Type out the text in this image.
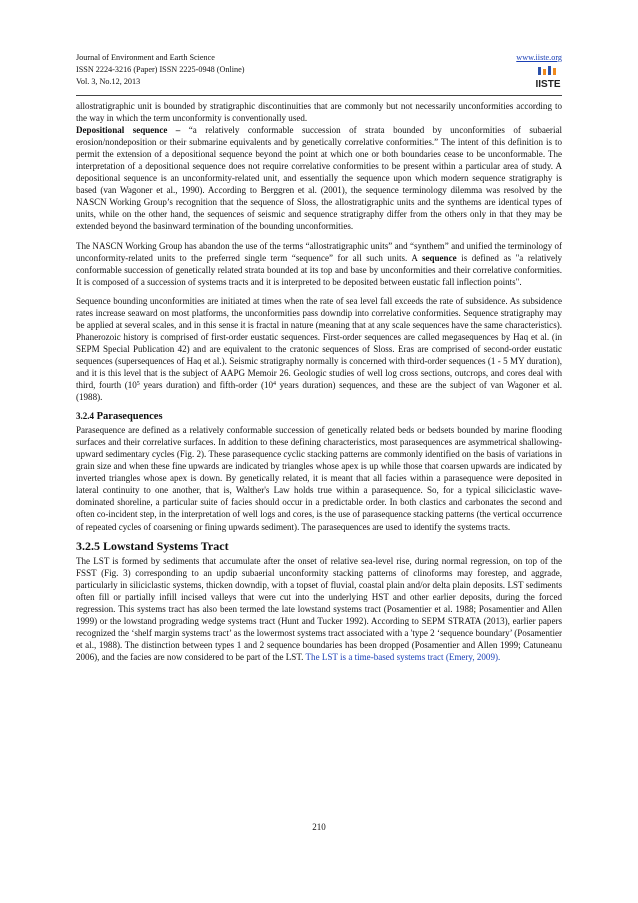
Journal of Environment and Earth Science
ISSN 2224-3216 (Paper) ISSN 2225-0948 (Online)
Vol. 3, No.12, 2013
www.iiste.org
IISTE

allostratigraphic unit is bounded by stratigraphic discontinuities that are commonly but not necessarily unconformities according to the way in which the term unconformity is conventionally used.
Depositional sequence – “a relatively conformable succession of strata bounded by unconformities of subaerial erosion/nondeposition or their submarine equivalents and by genetically correlative conformities.” The intent of this definition is to permit the extension of a depositional sequence beyond the point at which one or both boundaries cease to be unconformable. The interpretation of a depositional sequence does not require correlative conformities to be present within a particular area of study. A depositional sequence is an unconformity-related unit, and essentially the sequence upon which modern sequence stratigraphy is based (van Wagoner et al., 1990). According to Berggren et al. (2001), the sequence terminology dilemma was resolved by the NASCN Working Group’s recognition that the sequence of Sloss, the allostratigraphic units and the synthems are identical types of units, while on the other hand, the sequences of seismic and sequence stratigraphy differ from the others only in that they may be extended beyond the basinward termination of the bounding unconformities.

The NASCN Working Group has abandon the use of the terms “allostratigraphic units” and “synthem” and unified the terminology of unconformity-related units to the preferred single term “sequence” for all such units. A sequence is defined as "a relatively conformable succession of genetically related strata bounded at its top and base by unconformities and their correlative conformities. It is composed of a succession of systems tracts and it is interpreted to be deposited between eustatic fall inflection points".

Sequence bounding unconformities are initiated at times when the rate of sea level fall exceeds the rate of subsidence. As subsidence rates increase seaward on most platforms, the unconformities pass downdip into correlative conformities. Sequence stratigraphy may be applied at several scales, and in this sense it is fractal in nature (meaning that at any scale sequences have the same characteristics). Phanerozoic history is comprised of first-order eustatic sequences. First-order sequences are called megasequences by Haq et al. (in SEPM Special Publication 42) and are equivalent to the cratonic sequences of Sloss. Eras are comprised of second-order eustatic sequences (supersequences of Haq et al.). Seismic stratigraphy normally is concerned with third-order sequences (1 - 5 MY duration), and it is this level that is the subject of AAPG Memoir 26. Geologic studies of well log cross sections, outcrops, and cores deal with third, fourth ($10^5$ years duration) and fifth-order ($10^4$ years duration) sequences, and these are the subject of van Wagoner et al. (1988).

3.2.4 Parasequences

Parasequence are defined as a relatively conformable succession of genetically related beds or bedsets bounded by marine flooding surfaces and their correlative surfaces. In addition to these defining characteristics, most parasequences are asymmetrical shallowing-upward sedimentary cycles (Fig. 2). These parasequence cyclic stacking patterns are commonly identified on the basis of variations in grain size and when these fine upwards are indicated by triangles whose apex is up while those that coarsen upwards are indicated by inverted triangles whose apex is down. By genetically related, it is meant that all facies within a parasequence were deposited in lateral continuity to one another, that is, Walther's Law holds true within a parasequence. So, for a typical siliciclastic wave-dominated shoreline, a particular suite of facies should occur in a predictable order. In both clastics and carbonates the second and often co-incident step, in the interpretation of well logs and cores, is the use of parasequence stacking patterns (the vertical occurrence of repeated cycles of coarsening or fining upwards sediment). The parasequences are used to identify the systems tracts.

3.2.5 Lowstand Systems Tract

The LST is formed by sediments that accumulate after the onset of relative sea-level rise, during normal regression, on top of the FSST (Fig. 3) corresponding to an updip subaerial unconformity stacking patterns of clinoforms may forestep, and aggrade, particularly in siliciclastic systems, thicken downdip, with a topset of fluvial, coastal plain and/or delta plain deposits. LST sediments often fill or partially infill incised valleys that were cut into the underlying HST and other earlier deposits, during the forced regression. This systems tract has also been termed the late lowstand systems tract (Posamentier et al. 1988; Posamentier and Allen 1999) or the lowstand prograding wedge systems tract (Hunt and Tucker 1992). According to SEPM STRATA (2013), earlier papers recognized the ‘shelf margin systems tract’ as the lowermost systems tract associated with a 'type 2 ‘sequence boundary’ (Posamentier et al., 1988). The distinction between types 1 and 2 sequence boundaries has been dropped (Posamentier and Allen 1999; Catuneanu 2006), and the facies are now considered to be part of the LST. The LST is a time-based systems tract (Emery, 2009).

210
